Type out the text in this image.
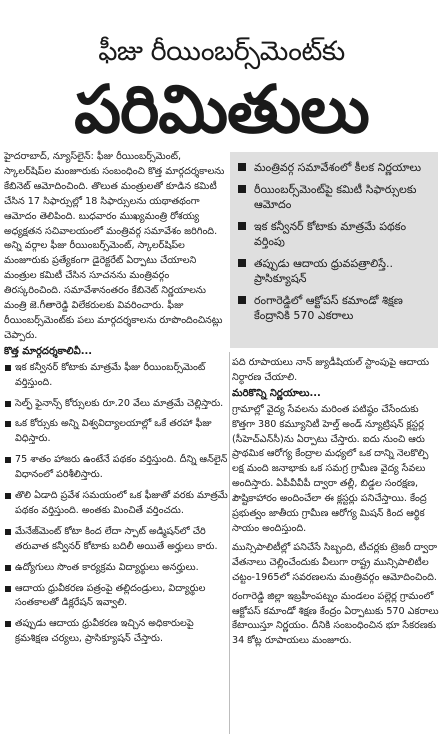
ఫీజు రీయింబర్స్‌మెంట్‌కు
పరిమితులు

హైదరాబాద్, న్యూస్‌లైన్: ఫీజు రీయింబర్స్‌మెంట్, స్కాలర్‌షిప్‌ల మంజూరుకు సంబంధించి కొత్త మార్గదర్శకాలను కేబినెట్ ఆమోదించింది. తొలుత మంత్రులతో కూడిన కమిటీ చేసిన 17 సిఫార్సుల్లో 18 సిఫార్సులను యథాతథంగా ఆమోదం తెలిపింది. బుధవారం ముఖ్యమంత్రి రోశయ్య అధ్యక్షతన సచివాలయంలో మంత్రివర్గ సమావేశం జరిగింది. అన్ని వర్గాల ఫీజు రీయింబర్స్‌మెంట్, స్కాలర్‌షిప్‌ల మంజూరుకు ప్రత్యేకంగా డైరెక్టరేట్ ఏర్పాటు చేయాలని మంత్రుల కమిటీ చేసిన సూచనను మంత్రివర్గం తిరస్కరించింది. సమావేశానంతరం కేబినెట్ నిర్ణయాలను మంత్రి జె.గీతారెడ్డి విలేకరులకు వివరించారు. ఫీజు రీయింబర్స్‌మెంట్‌కు పలు మార్గదర్శకాలను రూపొందించినట్లు చెప్పారు.

కొత్త మార్గదర్శకాలివీ...
ఇక కన్వీనర్ కోటాకు మాత్రమే ఫీజు రీయింబర్స్‌మెంట్ వర్తిస్తుంది.
సెల్ఫ్ ఫైనాన్స్ కోర్సులకు రూ.20 వేలు మాత్రమే చెల్లిస్తారు.
ఒక కోర్సుకు అన్ని విశ్వవిద్యాలయాల్లో ఒకే తరహా ఫీజు విధిస్తారు.
75 శాతం హాజరు ఉంటేనే పథకం వర్తిస్తుంది. దీన్ని ఆన్‌లైన్ విధానంలో పరిశీలిస్తారు.
తొలి ఏడాది ప్రవేశ సమయంలో ఒక ఫీజుతో వరకు మాత్రమే పథకం వర్తిస్తుంది. అంతకు మించితే వర్తించదు.
మేనేజ్‌మెంట్ కోటా కింద లేదా స్పాట్ అడ్మిషన్‌లో చేరి తరువాత కన్వీనర్ కోటాకు బదిలీ అయితే అర్హులు కారు.
ఉద్యోగులు సొంత కార్యక్రమ విద్యార్థులు అనర్హులు.
ఆదాయ ధ్రువీకరణ పత్రంపై తల్లిదండ్రులు, విద్యార్థుల సంతకాలతో డిక్లరేషన్ ఇవ్వాలి.
తప్పుడు ఆదాయ ధ్రువీకరణ ఇచ్చిన అధికారులపై క్రమశిక్షణ చర్యలు, ప్రాసిక్యూషన్ చేస్తారు.
మంత్రివర్గ సమావేశంలో కీలక నిర్ణయాలు
రీయింబర్స్‌మెంట్‌పై కమిటీ సిఫార్సులకు ఆమోదం
ఇక కన్వీనర్ కోటాకు మాత్రమే పథకం వర్తింపు
తప్పుడు ఆదాయ ధ్రువపత్రాలిస్తే.. ప్రాసిక్యూషన్
రంగారెడ్డిలో ఆక్టోపస్ కమాండో శిక్షణ కేంద్రానికి 570 ఎకరాలు

పది రూపాయలు నాన్ జ్యుడీషియల్ స్టాంపుపై ఆదాయ నిర్ధారణ చేయాలి.

మరికొన్ని నిర్ణయాలు...

గ్రామాల్లో వైద్య సేవలను మరింత పటిష్ఠం చేసేందుకు కొత్తగా 380 కమ్యూనిటీ హెల్త్ అండ్ న్యూట్రిషన్ క్లస్టర్ల (సీహెచ్‌ఎన్‌సీ)ను ఏర్పాటు చేస్తారు. ఐదు నుంచి ఆరు ప్రాథమిక ఆరోగ్య కేంద్రాల మధ్యలో ఒక దాన్ని నెలకొల్పి లక్ష మంది జనాభాకు ఒక సమగ్ర గ్రామీణ వైద్య సేవలు అందిస్తారు. ఏపీవీవీపీ ద్వారా తల్లీ, బిడ్డల సంరక్షణ, పౌష్టికాహారం అందించేలా ఈ క్లస్టర్లు పనిచేస్తాయి. కేంద్ర ప్రభుత్వం జాతీయ గ్రామీణ ఆరోగ్య మిషన్ కింద ఆర్థిక సాయం అందిస్తుంది.

మున్సిపాలిటీల్లో పనిచేసే సిబ్బంది, టీచర్లకు ట్రెజరీ ద్వారా వేతనాలు చెల్లించేందుకు వీలుగా రాష్ట్ర మున్సిపాలిటీల చట్టం-1965లో సవరణలను మంత్రివర్గం ఆమోదించింది.

రంగారెడ్డి జిల్లా ఇబ్రహీంపట్నం మండలం పల్లెర్ల గ్రామంలో ఆక్టోపస్ కమాండో శిక్షణ కేంద్రం ఏర్పాటుకు 570 ఎకరాలు కేటాయిస్తూ నిర్ణయం. దీనికి సంబంధించిన భూ సేకరణకు 34 కోట్ల రూపాయలు మంజూరు.
